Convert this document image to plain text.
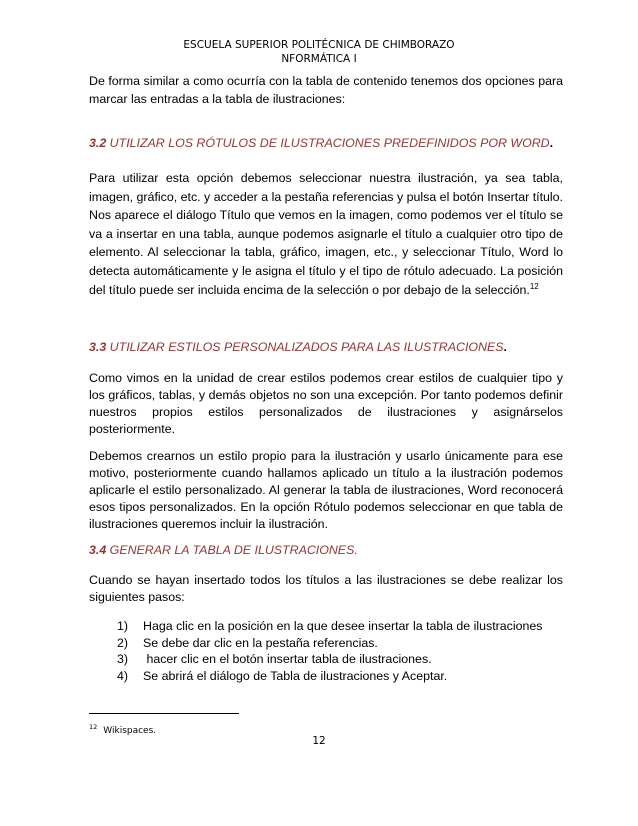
ESCUELA SUPERIOR POLITÉCNICA DE CHIMBORAZO
NFORMÁTICA I

De forma similar a como ocurría con la tabla de contenido tenemos dos opciones para marcar las entradas a la tabla de ilustraciones:

3.2 UTILIZAR LOS RÓTULOS DE ILUSTRACIONES PREDEFINIDOS POR WORD.

Para utilizar esta opción debemos seleccionar nuestra ilustración, ya sea tabla, imagen, gráfico, etc. y acceder a la pestaña referencias y pulsa el botón Insertar título. Nos aparece el diálogo Título que vemos en la imagen, como podemos ver el título se va a insertar en una tabla, aunque podemos asignarle el título a cualquier otro tipo de elemento. Al seleccionar la tabla, gráfico, imagen, etc., y seleccionar Título, Word lo detecta automáticamente y le asigna el título y el tipo de rótulo adecuado. La posición del título puede ser incluida encima de la selección o por debajo de la selección.$^{12}$

3.3 UTILIZAR ESTILOS PERSONALIZADOS PARA LAS ILUSTRACIONES.

Como vimos en la unidad de crear estilos podemos crear estilos de cualquier tipo y los gráficos, tablas, y demás objetos no son una excepción. Por tanto podemos definir nuestros propios estilos personalizados de ilustraciones y asignárselos posteriormente.

Debemos crearnos un estilo propio para la ilustración y usarlo únicamente para ese motivo, posteriormente cuando hallamos aplicado un título a la ilustración podemos aplicarle el estilo personalizado. Al generar la tabla de ilustraciones, Word reconocerá esos tipos personalizados. En la opción Rótulo podemos seleccionar en que tabla de ilustraciones queremos incluir la ilustración.

3.4 GENERAR LA TABLA DE ILUSTRACIONES.

Cuando se hayan insertado todos los títulos a las ilustraciones se debe realizar los siguientes pasos:

1) Haga clic en la posición en la que desee insertar la tabla de ilustraciones
2) Se debe dar clic en la pestaña referencias.
3) hacer clic en el botón insertar tabla de ilustraciones.
4) Se abrirá el diálogo de Tabla de ilustraciones y Aceptar.
$^{12}$ Wikispaces.
12
